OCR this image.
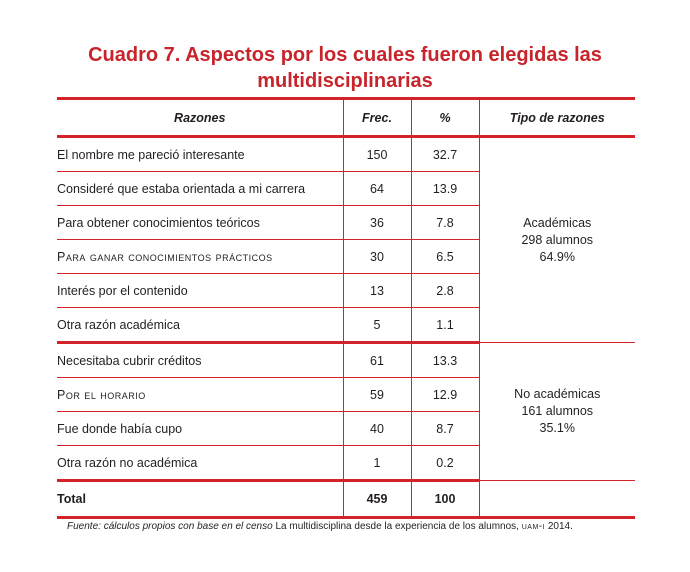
Cuadro 7. Aspectos por los cuales fueron elegidas las
multidisciplinarias
Razones	Frec.	%	Tipo de razones
El nombre me pareció interesante	150	32.7	Académicas
298 alumnos
64.9%

Consideré que estaba orientada a mi carrera	64	13.9	
Para obtener conocimientos teóricos	36	7.8	
Para ganar conocimientos prácticos	30	6.5	
Interés por el contenido	13	2.8	
Otra razón académica	5	1.1	
Necesitaba cubrir créditos	61	13.3	No académicas
161 alumnos
35.1%

Por el horario	59	12.9	
Fue donde había cupo	40	8.7	
Otra razón no académica	1	0.2	
Total	459	100	
Fuente: cálculos propios con base en el censo La multidisciplina desde la experiencia de los alumnos, uam-i 2014.
